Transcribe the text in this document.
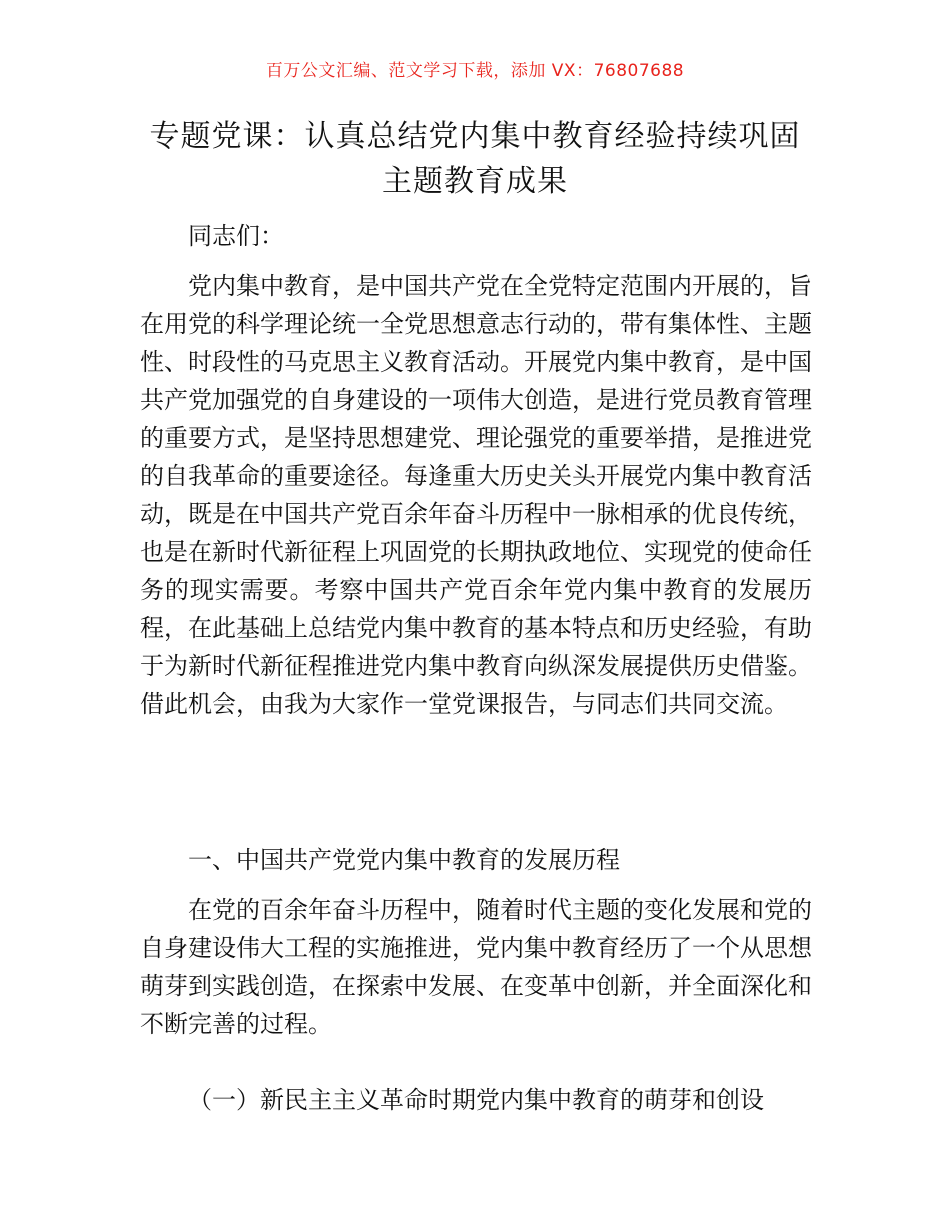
百万公文汇编、范文学习下载，添加 VX：76807688
专题党课：认真总结党内集中教育经验持续巩固主题教育成果

同志们：

党内集中教育，是中国共产党在全党特定范围内开展的，旨在用党的科学理论统一全党思想意志行动的，带有集体性、主题性、时段性的马克思主义教育活动。开展党内集中教育，是中国共产党加强党的自身建设的一项伟大创造，是进行党员教育管理的重要方式，是坚持思想建党、理论强党的重要举措，是推进党的自我革命的重要途径。每逢重大历史关头开展党内集中教育活动，既是在中国共产党百余年奋斗历程中一脉相承的优良传统，也是在新时代新征程上巩固党的长期执政地位、实现党的使命任务的现实需要。考察中国共产党百余年党内集中教育的发展历程，在此基础上总结党内集中教育的基本特点和历史经验，有助于为新时代新征程推进党内集中教育向纵深发展提供历史借鉴。借此机会，由我为大家作一堂党课报告，与同志们共同交流。

一、中国共产党党内集中教育的发展历程

在党的百余年奋斗历程中，随着时代主题的变化发展和党的自身建设伟大工程的实施推进，党内集中教育经历了一个从思想萌芽到实践创造，在探索中发展、在变革中创新，并全面深化和不断完善的过程。

（一）新民主主义革命时期党内集中教育的萌芽和创设
